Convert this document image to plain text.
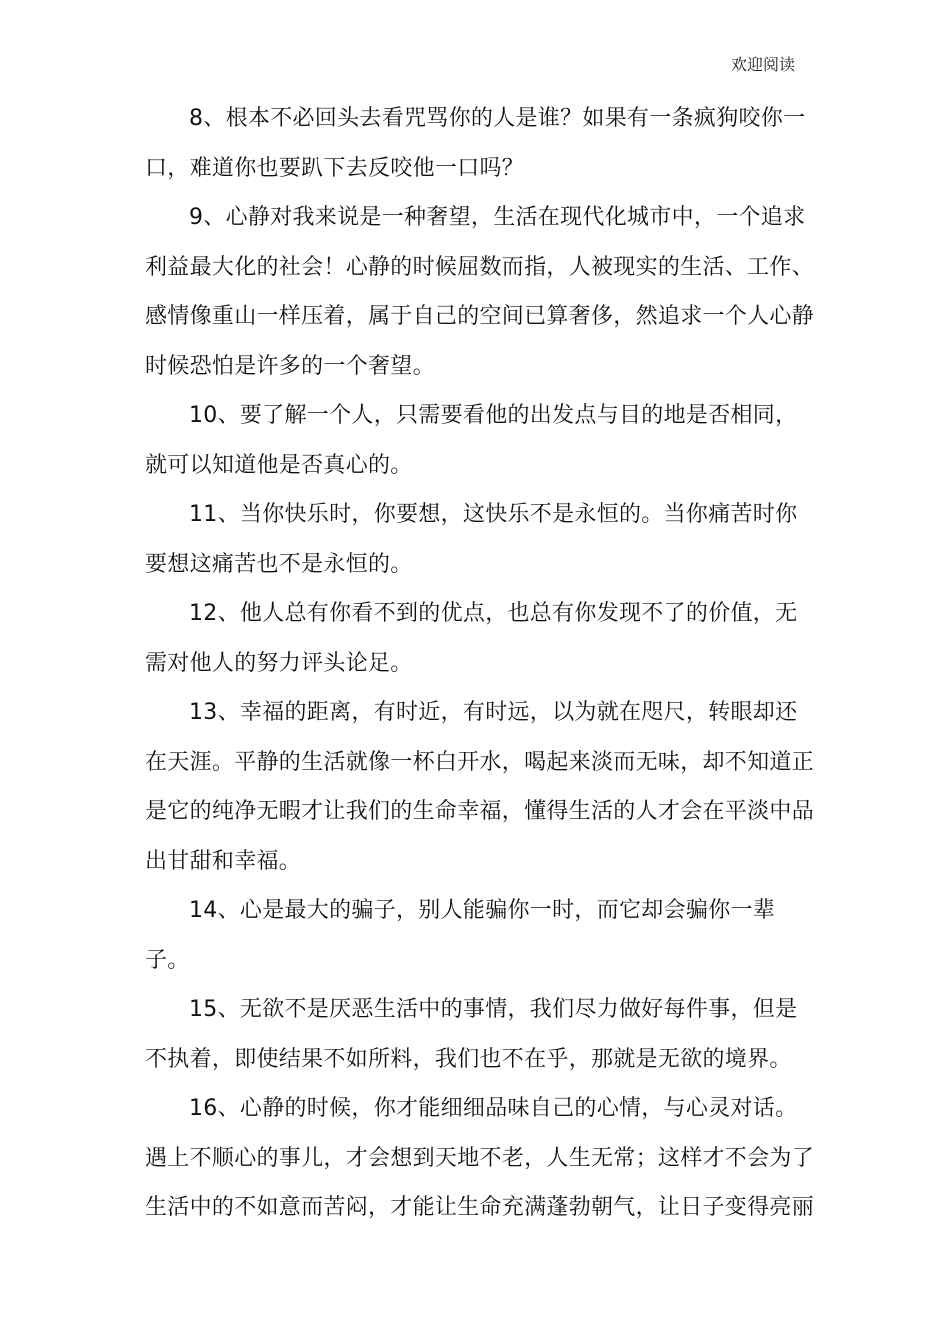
欢迎阅读

8、根本不必回头去看咒骂你的人是谁？如果有一条疯狗咬你一口，难道你也要趴下去反咬他一口吗？

9、心静对我来说是一种奢望，生活在现代化城市中，一个追求利益最大化的社会！心静的时候屈数而指，人被现实的生活、工作、感情像重山一样压着，属于自己的空间已算奢侈，然追求一个人心静时候恐怕是许多的一个奢望。

10、要了解一个人，只需要看他的出发点与目的地是否相同，就可以知道他是否真心的。

11、当你快乐时，你要想，这快乐不是永恒的。当你痛苦时你要想这痛苦也不是永恒的。

12、他人总有你看不到的优点，也总有你发现不了的价值，无需对他人的努力评头论足。

13、幸福的距离，有时近，有时远，以为就在咫尺，转眼却还在天涯。平静的生活就像一杯白开水，喝起来淡而无味，却不知道正是它的纯净无暇才让我们的生命幸福，懂得生活的人才会在平淡中品出甘甜和幸福。

14、心是最大的骗子，别人能骗你一时，而它却会骗你一辈子。

15、无欲不是厌恶生活中的事情，我们尽力做好每件事，但是不执着，即使结果不如所料，我们也不在乎，那就是无欲的境界。

16、心静的时候，你才能细细品味自己的心情，与心灵对话。遇上不顺心的事儿，才会想到天地不老，人生无常；这样才不会为了生活中的不如意而苦闷，才能让生命充满蓬勃朝气，让日子变得亮丽
